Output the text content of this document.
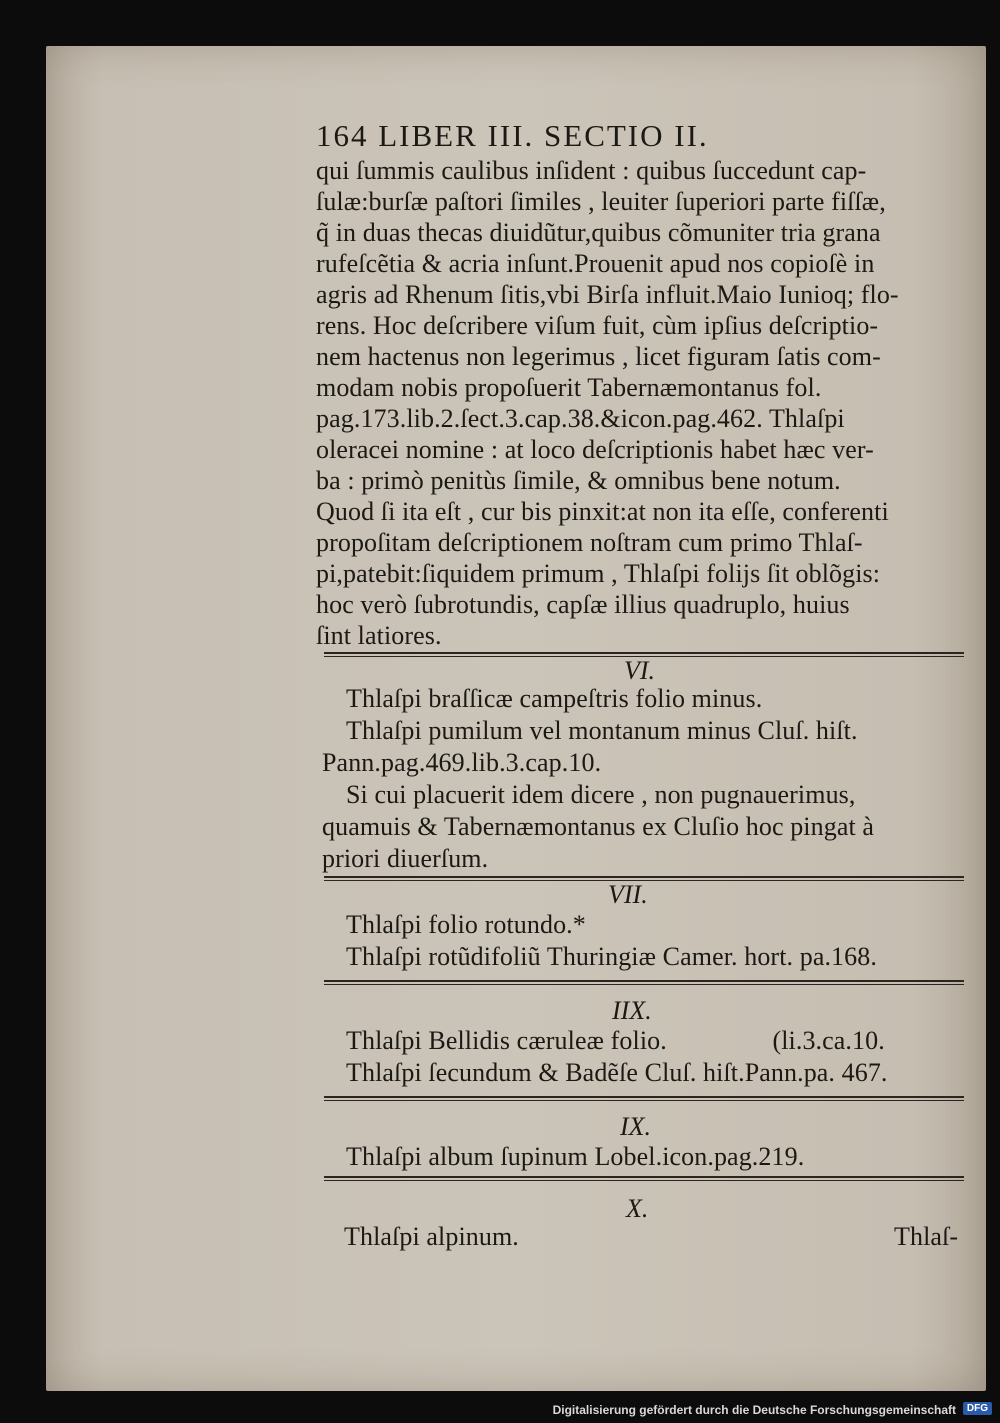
164 LIBER III. SECTIO II.
qui ſummis caulibus inſident : quibus ſuccedunt cap-
ſulæ:burſæ paſtori ſimiles , leuiter ſuperiori parte fiſſæ,
q̃ in duas thecas diuidũtur,quibus cõmuniter tria grana
rufeſcẽtia & acria inſunt.Prouenit apud nos copioſè in
agris ad Rhenum ſitis,vbi Birſa influit.Maio Iunioq; flo-
rens. Hoc deſcribere viſum fuit, cùm ipſius deſcriptio-
nem hactenus non legerimus , licet figuram ſatis com-
modam nobis propoſuerit Tabernæmontanus fol.
pag.173.lib.2.ſect.3.cap.38.&icon.pag.462. Thlaſpi
oleracei nomine : at loco deſcriptionis habet hæc ver-
ba : primò penitùs ſimile, & omnibus bene notum.
Quod ſi ita eſt , cur bis pinxit:at non ita eſſe, conferenti
propoſitam deſcriptionem noſtram cum primo Thlaſ-
pi,patebit:ſiquidem primum , Thlaſpi folijs ſit oblõgis:
hoc verò ſubrotundis, capſæ illius quadruplo, huius
ſint latiores.
VI.
Thlaſpi braſſicæ campeſtris folio minus.
Thlaſpi pumilum vel montanum minus Cluſ. hiſt.
Pann.pag.469.lib.3.cap.10.
Si cui placuerit idem dicere , non pugnauerimus,
quamuis & Tabernæmontanus ex Cluſio hoc pingat à
priori diuerſum.
VII.
Thlaſpi folio rotundo.*
Thlaſpi rotũdifoliũ Thuringiæ Camer. hort. pa.168.
IIX.
Thlaſpi Bellidis cæruleæ folio.                (li.3.ca.10.
Thlaſpi ſecundum & Badẽſe Cluſ. hiſt.Pann.pa. 467.
IX.
Thlaſpi album ſupinum Lobel.icon.pag.219.
X.
Thlaſpi alpinum.	Thlaſ-
Digitalisierung gefördert durch die Deutsche Forschungsgemeinschaft	DFG
